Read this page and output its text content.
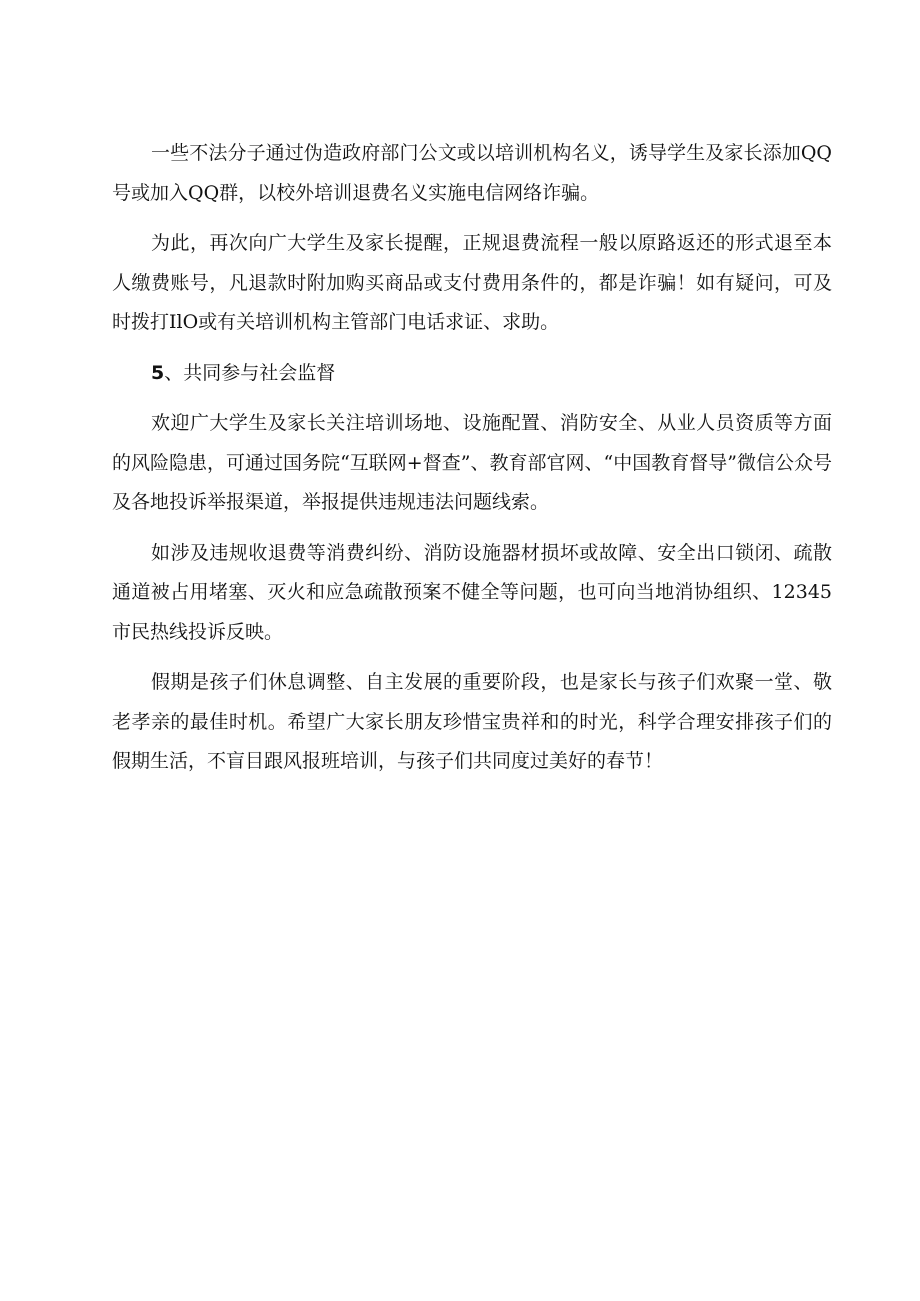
一些不法分子通过伪造政府部门公文或以培训机构名义，诱导学生及家长添加QQ号或加入QQ群，以校外培训退费名义实施电信网络诈骗。

为此，再次向广大学生及家长提醒，正规退费流程一般以原路返还的形式退至本人缴费账号，凡退款时附加购买商品或支付费用条件的，都是诈骗！如有疑问，可及时拨打IlO或有关培训机构主管部门电话求证、求助。

5、共同参与社会监督

欢迎广大学生及家长关注培训场地、设施配置、消防安全、从业人员资质等方面的风险隐患，可通过国务院“互联网+督查”、教育部官网、“中国教育督导”微信公众号及各地投诉举报渠道，举报提供违规违法问题线索。

如涉及违规收退费等消费纠纷、消防设施器材损坏或故障、安全出口锁闭、疏散通道被占用堵塞、灭火和应急疏散预案不健全等问题，也可向当地消协组织、12345市民热线投诉反映。

假期是孩子们休息调整、自主发展的重要阶段，也是家长与孩子们欢聚一堂、敬老孝亲的最佳时机。希望广大家长朋友珍惜宝贵祥和的时光，科学合理安排孩子们的假期生活，不盲目跟风报班培训，与孩子们共同度过美好的春节！
